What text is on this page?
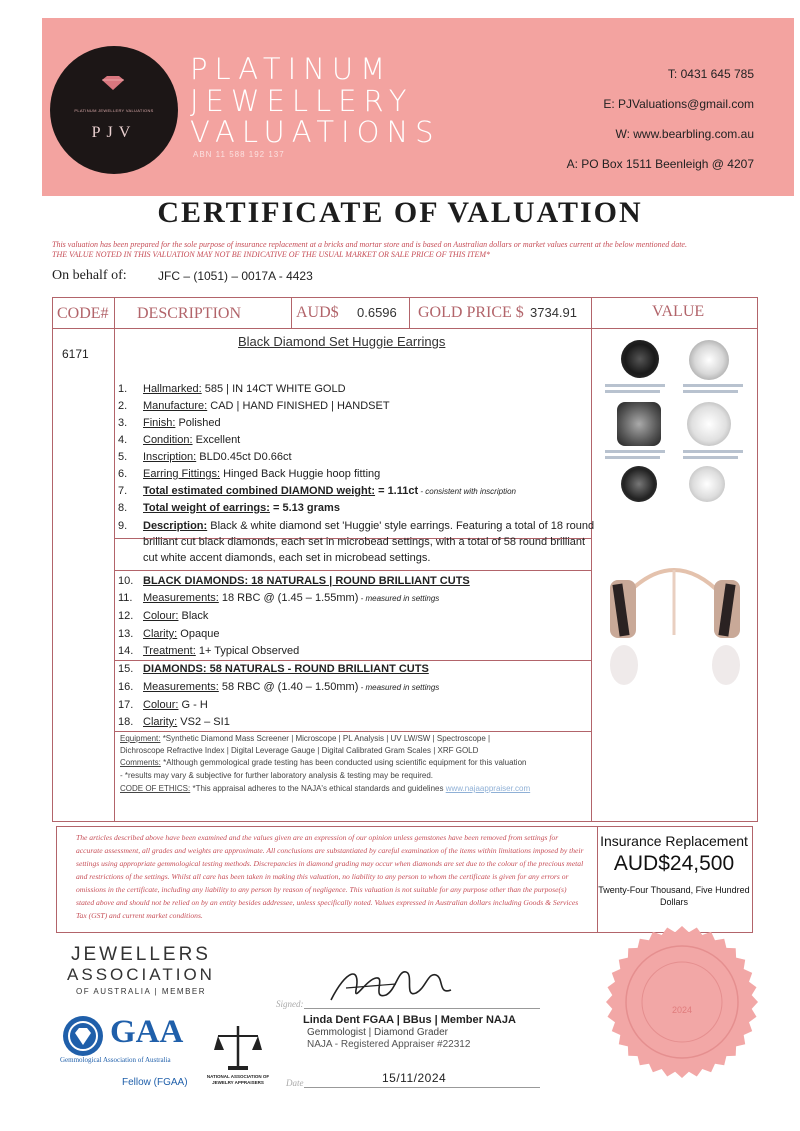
PLATINUM JEWELLERY VALUATIONS
PJV
PLATINUM
JEWELLERY
VALUATIONS
ABN 11 588 192 137
T: 0431 645 785
E: PJValuations@gmail.com
W: www.bearbling.com.au
A: PO Box 1511 Beenleigh @ 4207
CERTIFICATE OF VALUATION
This valuation has been prepared for the sole purpose of insurance replacement at a bricks and mortar store and is based on Australian dollars or market values current at the below mentioned date.
THE VALUE NOTED IN THIS VALUATION MAY NOT BE INDICATIVE OF THE USUAL MARKET OR SALE PRICE OF THIS ITEM*
On behalf of:	JFC – (1051) – 0017A - 4423
CODE# DESCRIPTION	AUD$ 0.6596 GOLD PRICE $ 3734.91	VALUE
6171
Black Diamond Set Huggie Earrings
1. Hallmarked: 585 | IN 14CT WHITE GOLD
2. Manufacture: CAD | HAND FINISHED | HANDSET
3. Finish: Polished
4. Condition: Excellent
5. Inscription: BLD0.45ct D0.66ct
6. Earring Fittings: Hinged Back Huggie hoop fitting
7. Total estimated combined DIAMOND weight: = 1.11ct - consistent with inscription
8. Total weight of earrings: = 5.13 grams
9. Description: Black & white diamond set 'Huggie' style earrings. Featuring a total of 18 round
brilliant cut black diamonds, each set in microbead settings, with a total of 58 round brilliant
cut white accent diamonds, each set in microbead settings.
10. BLACK DIAMONDS: 18 NATURALS | ROUND BRILLIANT CUTS
11. Measurements: 18 RBC @ (1.45 – 1.55mm) - measured in settings
12. Colour: Black
13. Clarity: Opaque
14. Treatment: 1+ Typical Observed
15. DIAMONDS: 58 NATURALS - ROUND BRILLIANT CUTS
16. Measurements: 58 RBC @ (1.40 – 1.50mm) - measured in settings
17. Colour: G - H
18. Clarity: VS2 – SI1
Equipment: *Synthetic Diamond Mass Screener | Microscope | PL Analysis | UV LW/SW | Spectroscope |
Dichroscope Refractive Index | Digital Leverage Gauge | Digital Calibrated Gram Scales | XRF GOLD
Comments: *Although gemmological grade testing has been conducted using scientific equipment for this valuation
- *results may vary & subjective for further laboratory analysis & testing may be required.
CODE OF ETHICS: *This appraisal adheres to the NAJA's ethical standards and guidelines www.najaappraiser.com
The articles described above have been examined and the values given are an expression of our opinion unless gemstones have been removed from settings for accurate assessment, all grades and weights are approximate. All conclusions are substantiated by careful examination of the items within limitations imposed by their settings using appropriate gemmological testing methods. Discrepancies in diamond grading may occur when diamonds are set due to the colour of the precious metal and restrictions of the settings. Whilst all care has been taken in making this valuation, no liability to any person to whom the certificate is given for any errors or omissions in the certificate, including any liability to any person by reason of negligence. This valuation is not suitable for any purpose other than the purpose(s) stated above and should not be relied on by an entity besides addressee, unless specifically noted. Values expressed in Australian dollars including Goods & Services Tax (GST) and current market conditions.
Insurance Replacement
AUD$24,500
Twenty-Four Thousand, Five Hundred Dollars
JEWELLERS
ASSOCIATION
OF AUSTRALIA | MEMBER
GAA
Gemmological Association of Australia
Fellow (FGAA)
NATIONAL ASSOCIATION OF JEWELRY APPRAISERS
Signed:
Linda Dent FGAA | BBus | Member NAJA
Gemmologist | Diamond Grader
NAJA - Registered Appraiser #22312
Date	15/11/2024
2024
